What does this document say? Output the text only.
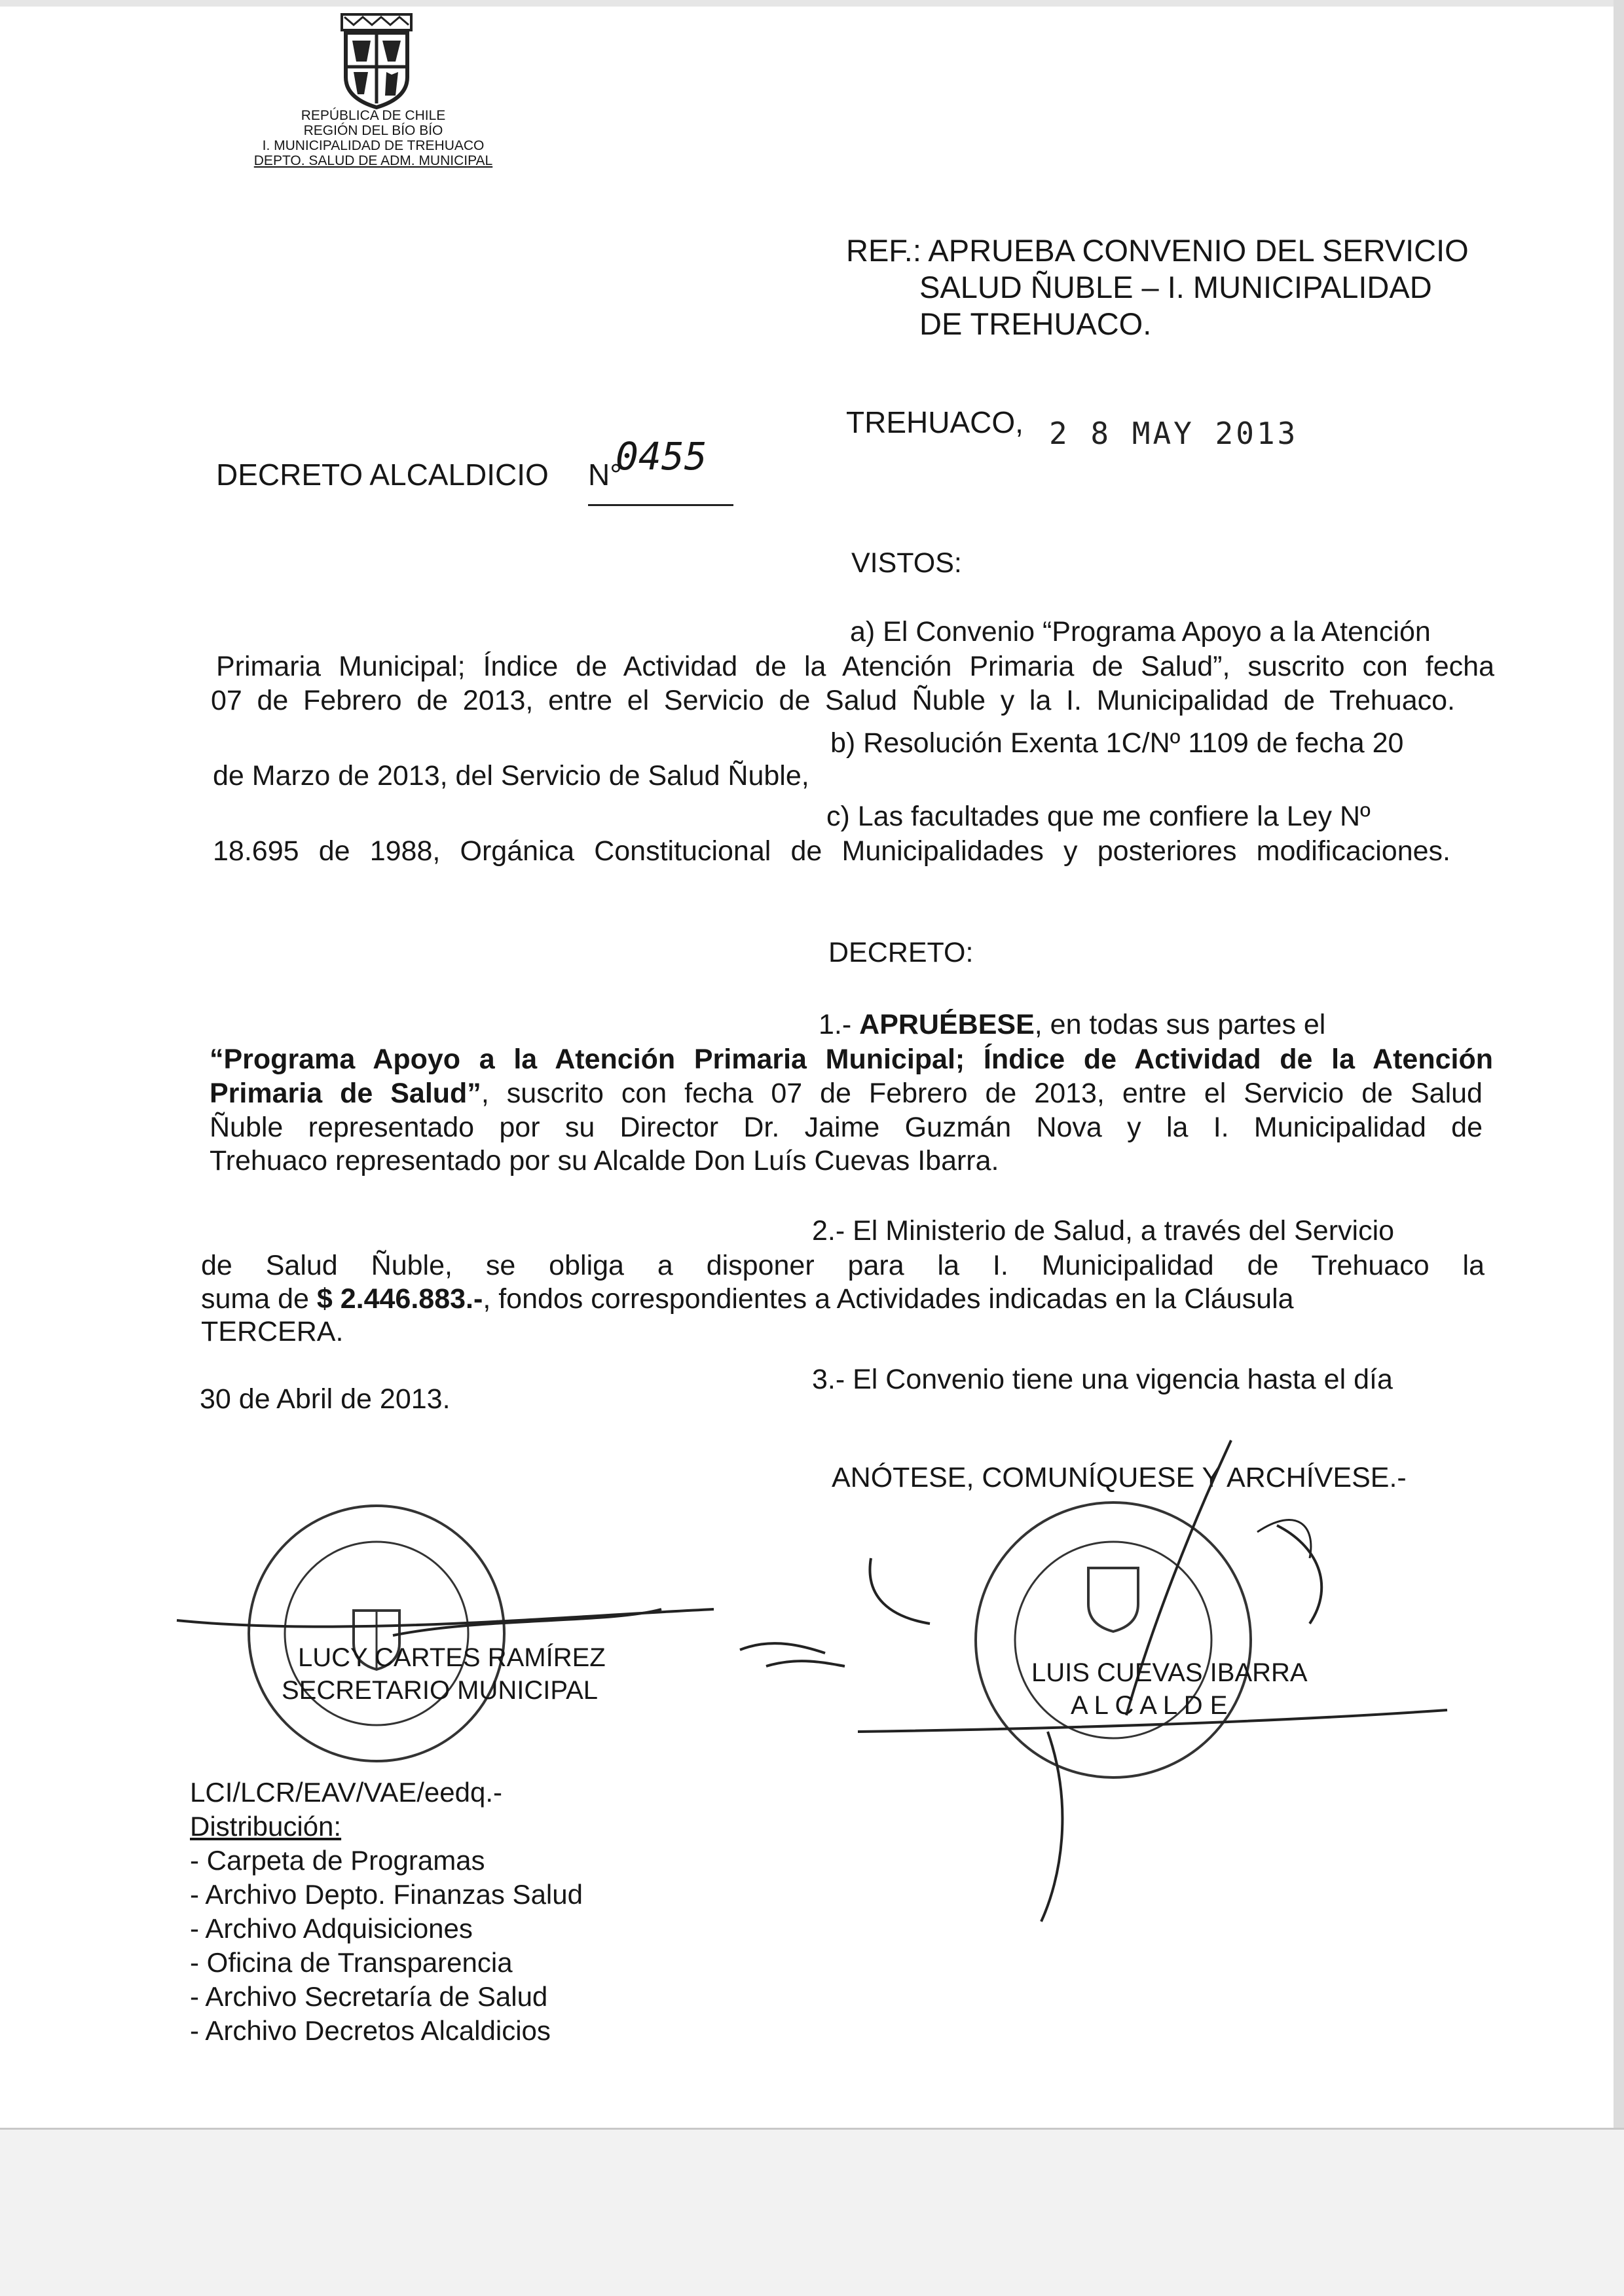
REPÚBLICA DE CHILE
REGIÓN DEL BÍO BÍO
I. MUNICIPALIDAD DE TREHUACO
DEPTO. SALUD DE ADM. MUNICIPAL
REF.: APRUEBA CONVENIO DEL SERVICIO
SALUD ÑUBLE – I. MUNICIPALIDAD
DE TREHUACO.
TREHUACO, 2 8 MAY 2013
DECRETO ALCALDICIO N°
0455
VISTOS:
a) El Convenio “Programa Apoyo a la Atención
Primaria Municipal; Índice de Actividad de la Atención Primaria de Salud”, suscrito con fecha
07 de Febrero de 2013, entre el Servicio de Salud Ñuble y la I. Municipalidad de Trehuaco.
b) Resolución Exenta 1C/Nº 1109 de fecha 20
de Marzo de 2013, del Servicio de Salud Ñuble,
c) Las facultades que me confiere la Ley Nº
18.695 de 1988, Orgánica Constitucional de Municipalidades y posteriores modificaciones.
DECRETO:
1.- APRUÉBESE, en todas sus partes el
“Programa Apoyo a la Atención Primaria Municipal; Índice de Actividad de la Atención
Primaria de Salud”, suscrito con fecha 07 de Febrero de 2013, entre el Servicio de Salud
Ñuble representado por su Director Dr. Jaime Guzmán Nova y la I. Municipalidad de
Trehuaco representado por su Alcalde Don Luís Cuevas Ibarra.
2.- El Ministerio de Salud, a través del Servicio
de Salud Ñuble, se obliga a disponer para la I. Municipalidad de Trehuaco la
suma de $ 2.446.883.-, fondos correspondientes a Actividades indicadas en la Cláusula
TERCERA.
3.- El Convenio tiene una vigencia hasta el día
30 de Abril de 2013.
ANÓTESE, COMUNÍQUESE Y ARCHÍVESE.-
LUCY CARTES RAMÍREZ
SECRETARIO MUNICIPAL
LUIS CUEVAS IBARRA
A L C A L D E
LCI/LCR/EAV/VAE/eedq.-
Distribución:
- Carpeta de Programas
- Archivo Depto. Finanzas Salud
- Archivo Adquisiciones
- Oficina de Transparencia
- Archivo Secretaría de Salud
- Archivo Decretos Alcaldicios
